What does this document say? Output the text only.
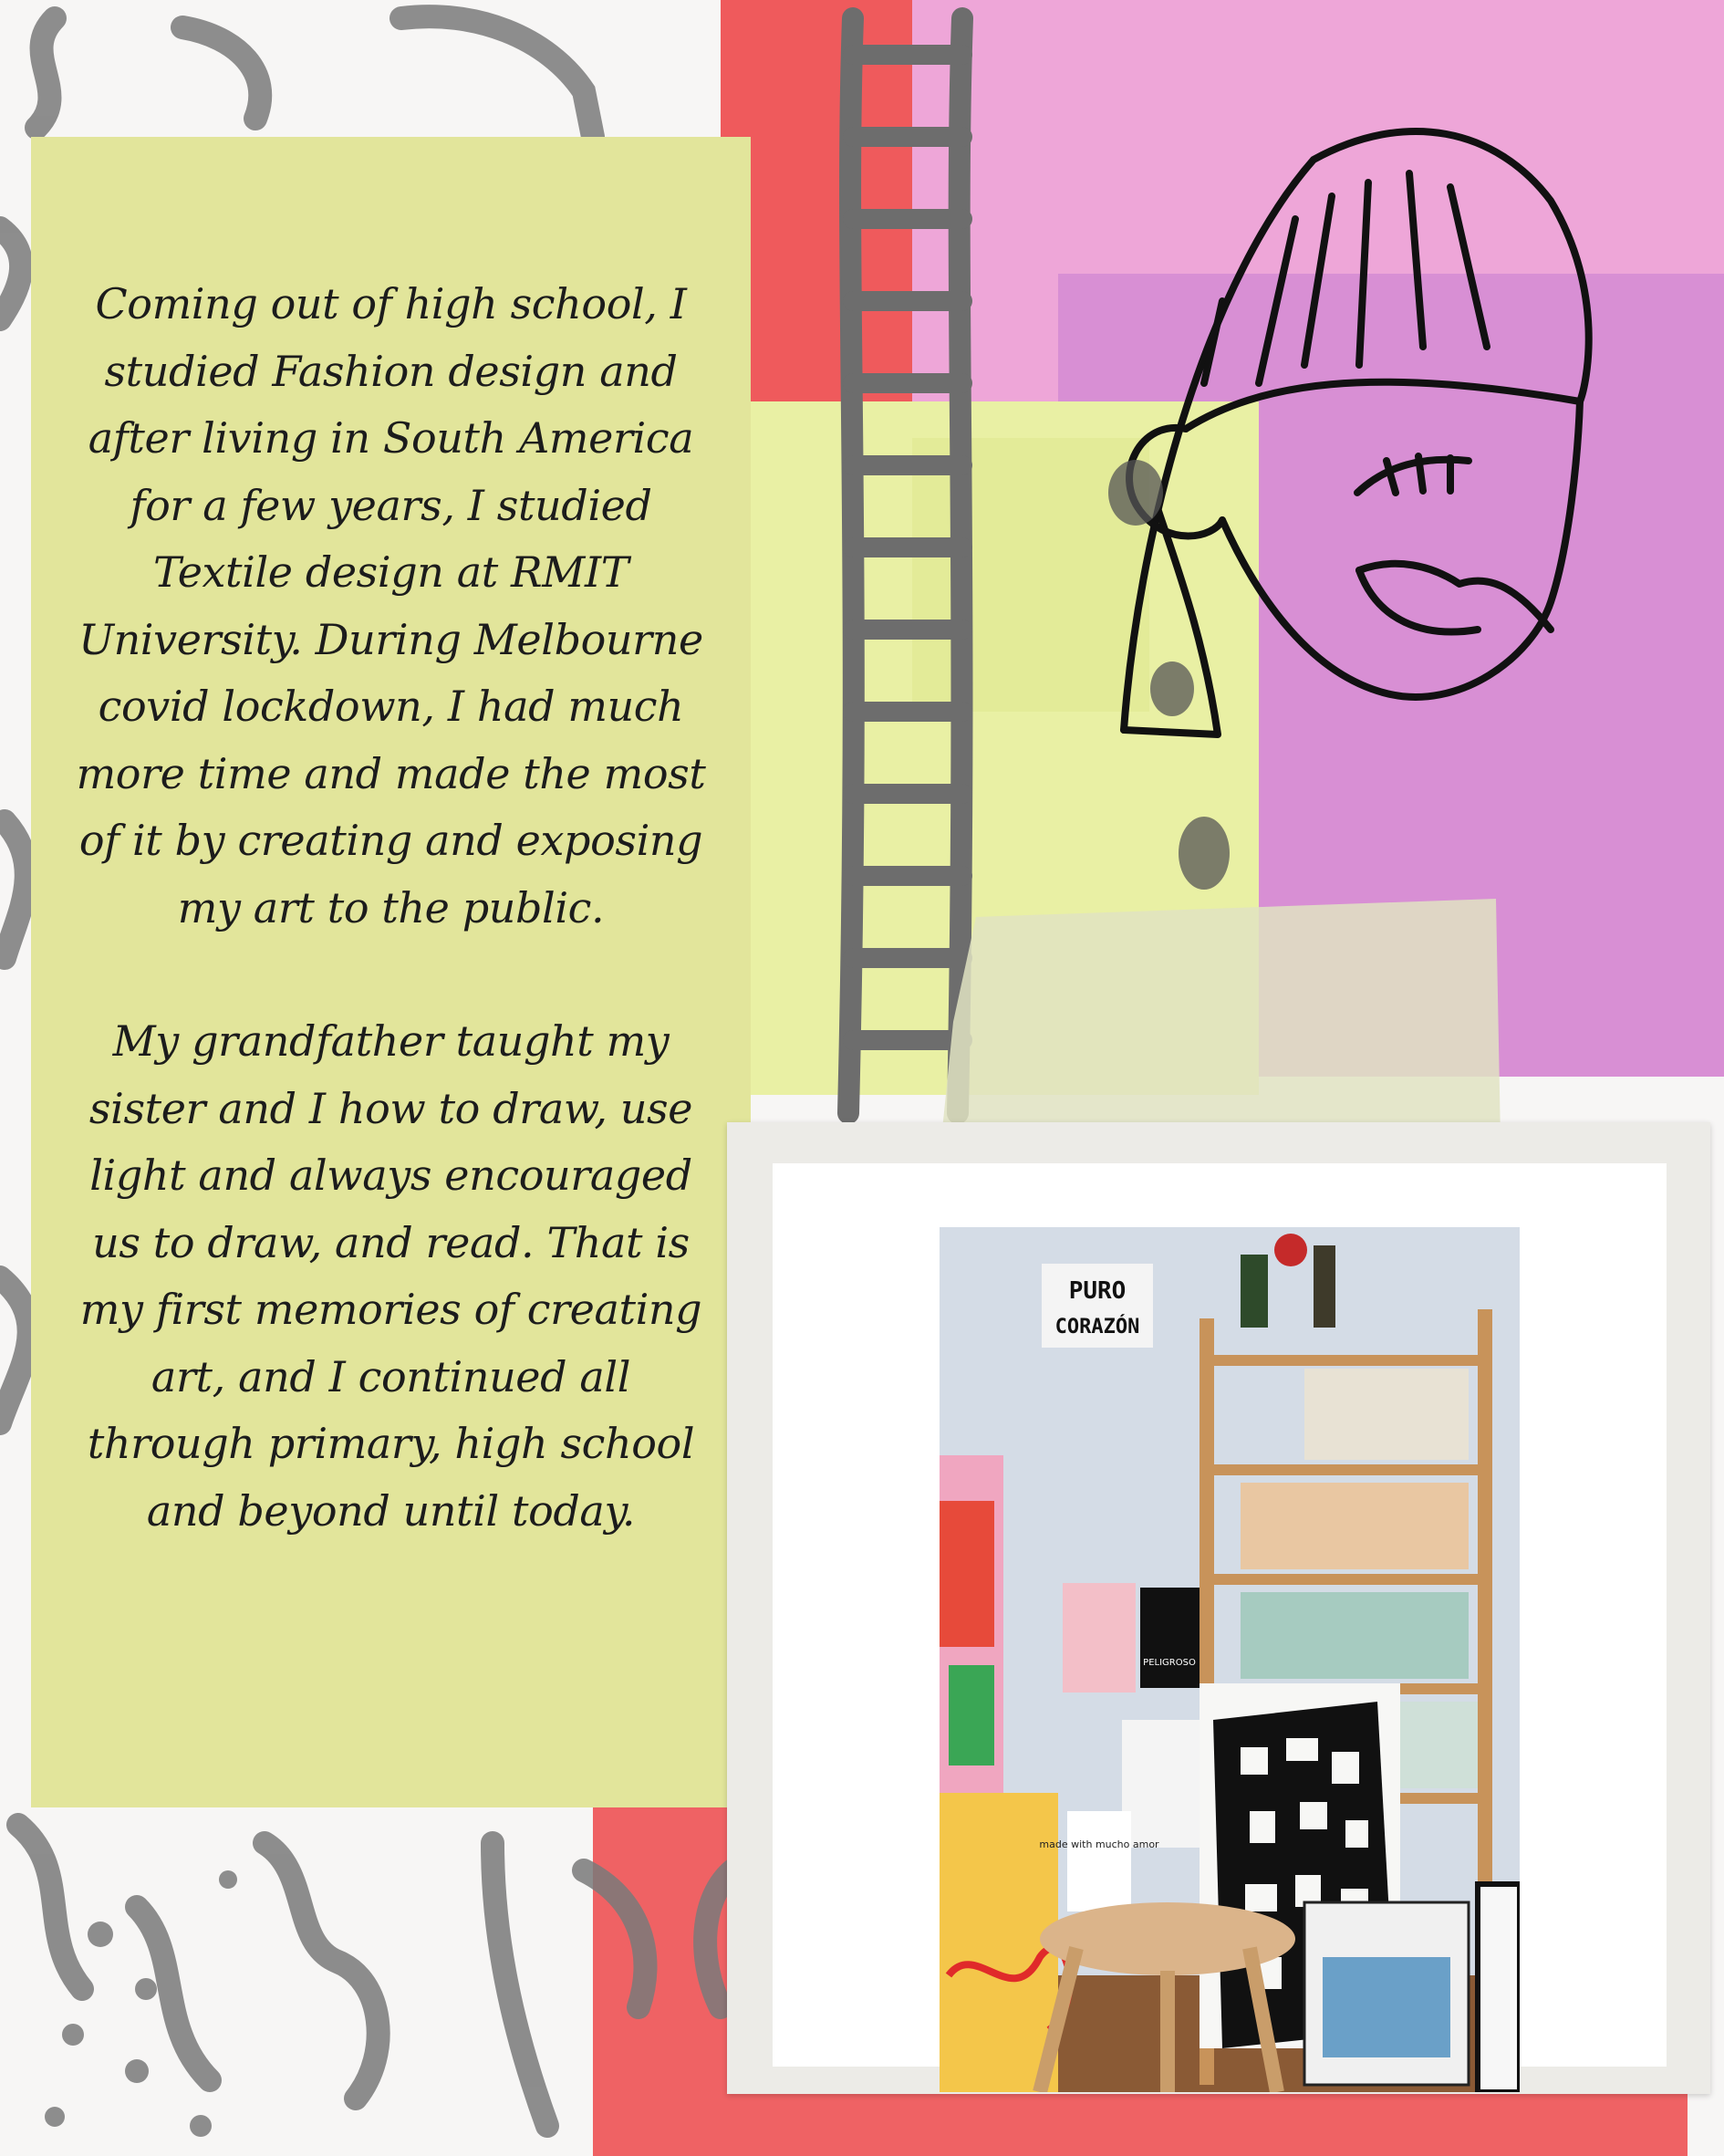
Coming out of high school, I studied Fashion design and after living in South America for a few years, I studied Textile design at RMIT University. During Melbourne covid lockdown, I had much more time and made the most of it by creating and exposing my art to the public.

My grandfather taught my sister and I how to draw, use light and always encouraged us to draw, and read. That is my first memories of creating art, and I continued all through primary, high school and beyond until today.

PURO
CORAZÓN
PELIGROSO
made with mucho amor
